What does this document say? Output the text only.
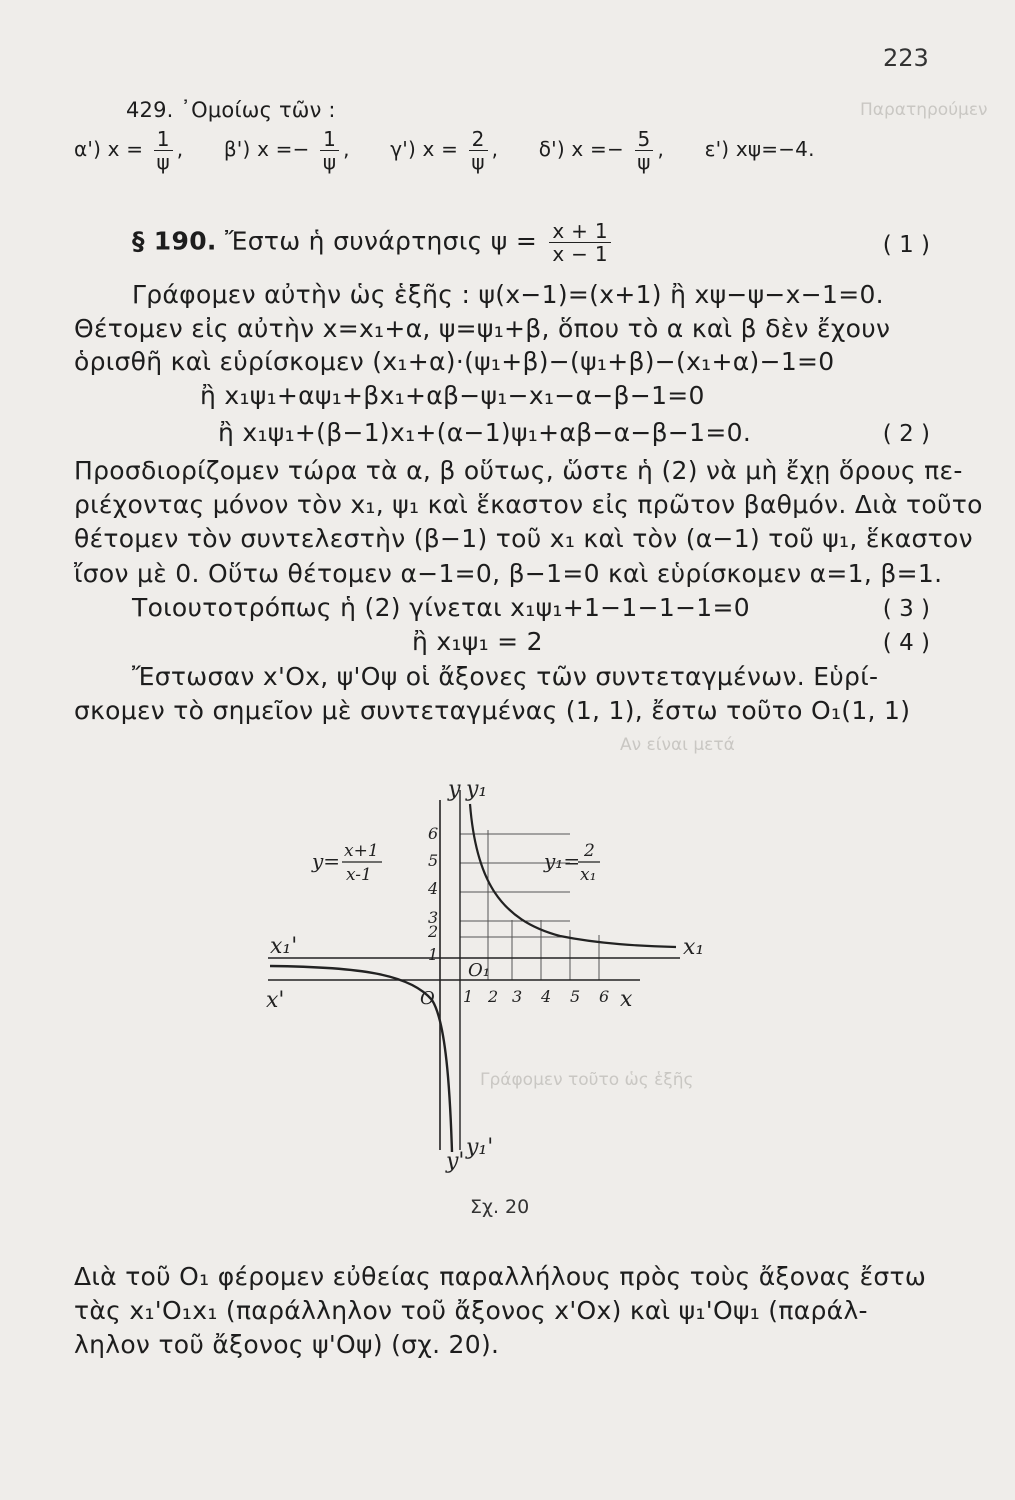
Παρατηρούμεν
Αν είναι μετά
Γράφομεν τοῦτο ὡς ἑξῆς
223
429. ᾿Ομοίως τῶν :
α') $x = \frac{1}{\psi}$ , β') $x =- \frac{1}{\psi}$ , γ') $x = \frac{2}{\psi}$ , δ') $x =- \frac{5}{\psi}$ , ε') xψ=−4.
§ 190. Ἔστω ἡ συνάρτησις $\psi = \frac{x + 1}{x - 1}$	( 1 )
Γράφομεν αὐτὴν ὡς ἑξῆς : ψ(x−1)=(x+1) ἢ xψ−ψ−x−1=0.
Θέτομεν εἰς αὐτὴν x=x₁+α, ψ=ψ₁+β, ὅπου τὸ α καὶ β δὲν ἔχουν
ὁρισθῆ καὶ εὑρίσκομεν (x₁+α)·(ψ₁+β)−(ψ₁+β)−(x₁+α)−1=0
ἢ x₁ψ₁+αψ₁+βx₁+αβ−ψ₁−x₁−α−β−1=0
ἢ x₁ψ₁+(β−1)x₁+(α−1)ψ₁+αβ−α−β−1=0.	( 2 )
Προσδιορίζομεν τώρα τὰ α, β οὕτως, ὥστε ἡ (2) νὰ μὴ ἔχῃ ὅρους πε-
ριέχοντας μόνον τὸν x₁, ψ₁ καὶ ἕκαστον εἰς πρῶτον βαθμόν. Διὰ τοῦτο
θέτομεν τὸν συντελεστὴν (β−1) τοῦ x₁ καὶ τὸν (α−1) τοῦ ψ₁, ἕκαστον
ἴσον μὲ 0. Οὕτω θέτομεν α−1=0, β−1=0 καὶ εὑρίσκομεν α=1, β=1.
Τοιουτοτρόπως ἡ (2) γίνεται x₁ψ₁+1−1−1−1=0	( 3 )
ἢ x₁ψ₁ = 2	( 4 )
Ἔστωσαν x'Ox, ψ'Oψ οἱ ἄξονες τῶν συντεταγμένων. Εὑρί-
σκομεν τὸ σημεῖον μὲ συντεταγμένας (1, 1), ἔστω τοῦτο O₁(1, 1)
y y₁
x₁
x
x'
x₁'
y'
y₁'
O
O₁
6
5
4
3
2
1
1 2 3 4 5 6
y= x+1
x-1
y₁= 2
x₁
Σχ. 20
Διὰ τοῦ O₁ φέρομεν εὐθείας παραλλήλους πρὸς τοὺς ἄξονας ἔστω
τὰς x₁'O₁x₁ (παράλληλον τοῦ ἄξονος x'Ox) καὶ ψ₁'Oψ₁ (παράλ-
ληλον τοῦ ἄξονος ψ'Oψ) (σχ. 20).
